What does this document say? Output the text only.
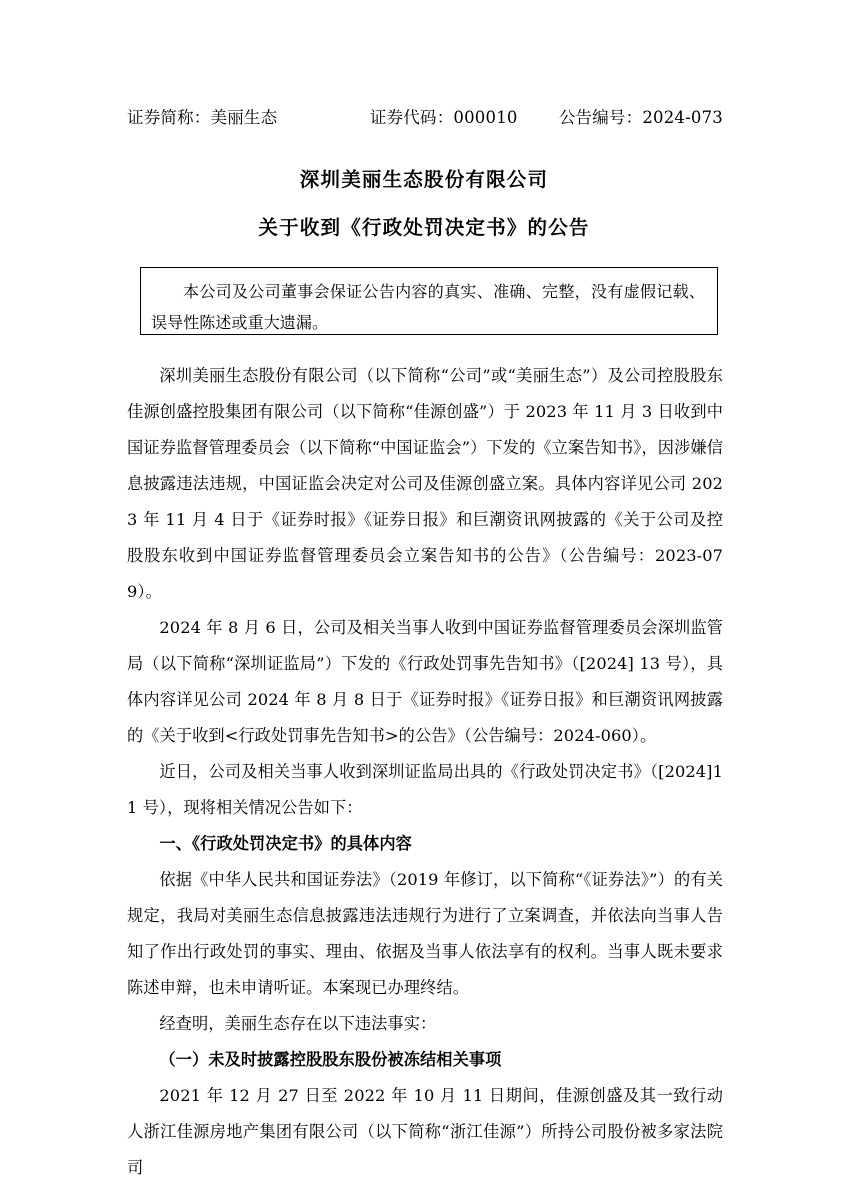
证券简称：美丽生态	证券代码：000010	公告编号：2024-073
深圳美丽生态股份有限公司
关于收到《行政处罚决定书》的公告

本公司及公司董事会保证公告内容的真实、准确、完整，没有虚假记载、误导性陈述或重大遗漏。

深圳美丽生态股份有限公司（以下简称“公司”或“美丽生态”）及公司控股股东佳源创盛控股集团有限公司（以下简称“佳源创盛”）于 2023 年 11 月 3 日收到中国证券监督管理委员会（以下简称“中国证监会”）下发的《立案告知书》，因涉嫌信息披露违法违规，中国证监会决定对公司及佳源创盛立案。具体内容详见公司 2023 年 11 月 4 日于《证券时报》《证券日报》和巨潮资讯网披露的《关于公司及控股股东收到中国证券监督管理委员会立案告知书的公告》（公告编号：2023-079）。

2024 年 8 月 6 日，公司及相关当事人收到中国证券监督管理委员会深圳监管局（以下简称“深圳证监局”）下发的《行政处罚事先告知书》（[2024] 13 号），具体内容详见公司 2024 年 8 月 8 日于《证券时报》《证券日报》和巨潮资讯网披露的《关于收到<行政处罚事先告知书>的公告》（公告编号：2024-060）。

近日，公司及相关当事人收到深圳证监局出具的《行政处罚决定书》（[2024]11 号），现将相关情况公告如下：

一、《行政处罚决定书》的具体内容

依据《中华人民共和国证券法》（2019 年修订，以下简称“《证券法》”）的有关规定，我局对美丽生态信息披露违法违规行为进行了立案调查，并依法向当事人告知了作出行政处罚的事实、理由、依据及当事人依法享有的权利。当事人既未要求陈述申辩，也未申请听证。本案现已办理终结。

经查明，美丽生态存在以下违法事实：

（一）未及时披露控股股东股份被冻结相关事项

2021 年 12 月 27 日至 2022 年 10 月 11 日期间，佳源创盛及其一致行动人浙江佳源房地产集团有限公司（以下简称“浙江佳源”）所持公司股份被多家法院司
